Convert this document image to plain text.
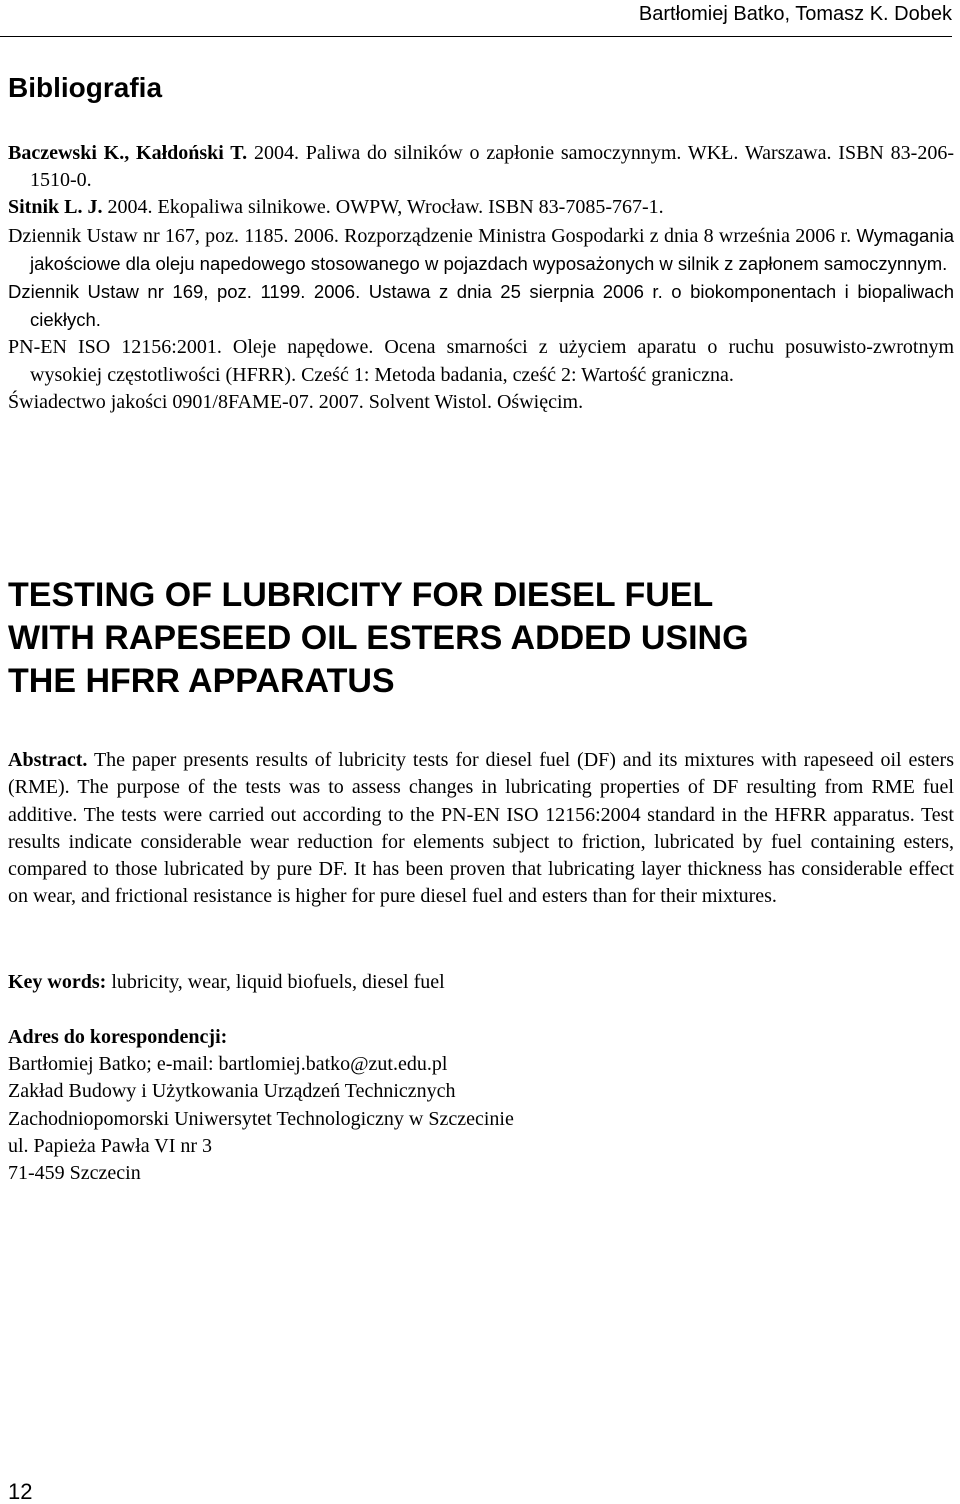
Bartłomiej Batko, Tomasz K. Dobek
Bibliografia
Baczewski K., Kałdoński T. 2004. Paliwa do silników o zapłonie samoczynnym. WKŁ. Warszawa. ISBN 83-206-1510-0.
Sitnik L. J. 2004. Ekopaliwa silnikowe. OWPW, Wrocław. ISBN 83-7085-767-1.
Dziennik Ustaw nr 167, poz. 1185. 2006. Rozporządzenie Ministra Gospodarki z dnia 8 września 2006 r. Wymagania jakościowe dla oleju napedowego stosowanego w pojazdach wyposażonych w silnik z zapłonem samoczynnym.
Dziennik Ustaw nr 169, poz. 1199. 2006. Ustawa z dnia 25 sierpnia 2006 r. o biokomponentach i biopaliwach ciekłych.
PN-EN ISO 12156:2001. Oleje napędowe. Ocena smarności z użyciem aparatu o ruchu posuwisto-zwrotnym wysokiej częstotliwości (HFRR). Cześć 1: Metoda badania, cześć 2: Wartość graniczna.
Świadectwo jakości 0901/8FAME-07. 2007. Solvent Wistol. Oświęcim.
TESTING OF LUBRICITY FOR DIESEL FUEL
WITH RAPESEED OIL ESTERS ADDED USING
THE HFRR APPARATUS

Abstract. The paper presents results of lubricity tests for diesel fuel (DF) and its mixtures with rapeseed oil esters (RME). The purpose of the tests was to assess changes in lubricating properties of DF resulting from RME fuel additive. The tests were carried out according to the PN-EN ISO 12156:2004 standard in the HFRR apparatus. Test results indicate considerable wear reduction for elements subject to friction, lubricated by fuel containing esters, compared to those lubricated by pure DF. It has been proven that lubricating layer thickness has considerable effect on wear, and frictional resistance is higher for pure diesel fuel and esters than for their mixtures.

Key words: lubricity, wear, liquid biofuels, diesel fuel

Adres do korespondencji:
Bartłomiej Batko; e-mail: bartlomiej.batko@zut.edu.pl
Zakład Budowy i Użytkowania Urządzeń Technicznych
Zachodniopomorski Uniwersytet Technologiczny w Szczecinie
ul. Papieża Pawła VI nr 3
71-459 Szczecin
12
